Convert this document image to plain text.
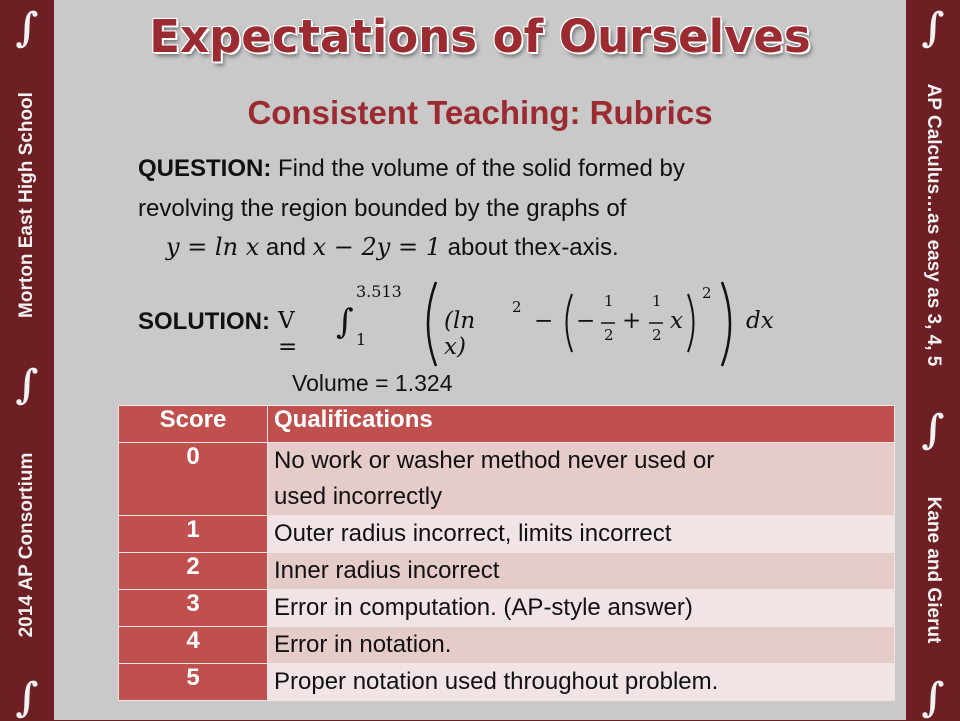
∫
Morton East High School
∫
2014 AP Consortium
∫
Expectations of Ourselves
Consistent Teaching: Rubrics
QUESTION: Find the volume of the solid formed by
revolving the region bounded by the graphs of
y = ln x and x − 2y = 1 about thex-axis.
SOLUTION: V =
∫
3.513
1
(ln x)
2
− −
1
2
+
1
2
x
2
dx
Volume = 1.324
Score	Qualifications
0	No work or washer method never used or
used incorrectly

1	Outer radius incorrect, limits incorrect
2	Inner radius incorrect
3	Error in computation. (AP-style answer)
4	Error in notation.
5	Proper notation used throughout problem.
∫
AP Calculus…as easy as 3, 4, 5
∫
Kane and Gierut
∫
